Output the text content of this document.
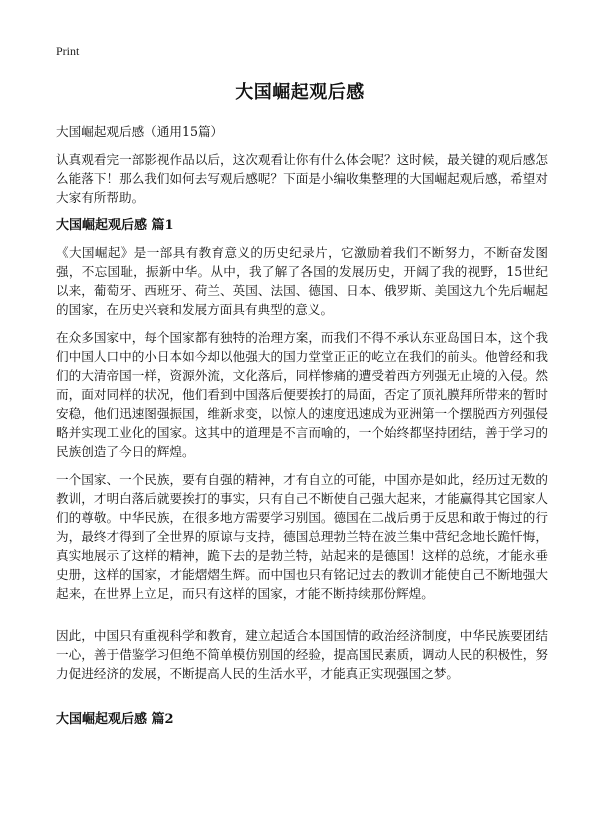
Print
大国崛起观后感

大国崛起观后感（通用15篇）

认真观看完一部影视作品以后，这次观看让你有什么体会呢？这时候，最关键的观后感怎么能落下！那么我们如何去写观后感呢？下面是小编收集整理的大国崛起观后感，希望对大家有所帮助。

大国崛起观后感 篇1

《大国崛起》是一部具有教育意义的历史纪录片，它激励着我们不断努力，不断奋发图强，不忘国耻，振新中华。从中，我了解了各国的发展历史，开阔了我的视野，15世纪以来，葡萄牙、西班牙、荷兰、英国、法国、德国、日本、俄罗斯、美国这九个先后崛起的国家，在历史兴衰和发展方面具有典型的意义。

在众多国家中，每个国家都有独特的治理方案，而我们不得不承认东亚岛国日本，这个我们中国人口中的小日本如今却以他强大的国力堂堂正正的屹立在我们的前头。他曾经和我们的大清帝国一样，资源外流，文化落后，同样惨痛的遭受着西方列强无止境的入侵。然而，面对同样的状况，他们看到中国落后便要挨打的局面，否定了顶礼膜拜所带来的暂时安稳，他们迅速图强振国，维新求变，以惊人的速度迅速成为亚洲第一个摆脱西方列强侵略并实现工业化的国家。这其中的道理是不言而喻的，一个始终都坚持团结，善于学习的民族创造了今日的辉煌。

一个国家、一个民族，要有自强的精神，才有自立的可能，中国亦是如此，经历过无数的教训，才明白落后就要挨打的事实，只有自己不断使自己强大起来，才能赢得其它国家人们的尊敬。中华民族，在很多地方需要学习别国。德国在二战后勇于反思和敢于悔过的行为，最终才得到了全世界的原谅与支持，德国总理勃兰特在波兰集中营纪念地长跪忏悔，真实地展示了这样的精神，跪下去的是勃兰特，站起来的是德国！这样的总统，才能永垂史册，这样的国家，才能熠熠生辉。而中国也只有铭记过去的教训才能使自己不断地强大起来，在世界上立足，而只有这样的国家，才能不断持续那份辉煌。

因此，中国只有重视科学和教育，建立起适合本国国情的政治经济制度，中华民族要团结一心，善于借鉴学习但绝不简单模仿别国的经验，提高国民素质，调动人民的积极性，努力促进经济的发展，不断提高人民的生活水平，才能真正实现强国之梦。

大国崛起观后感 篇2
